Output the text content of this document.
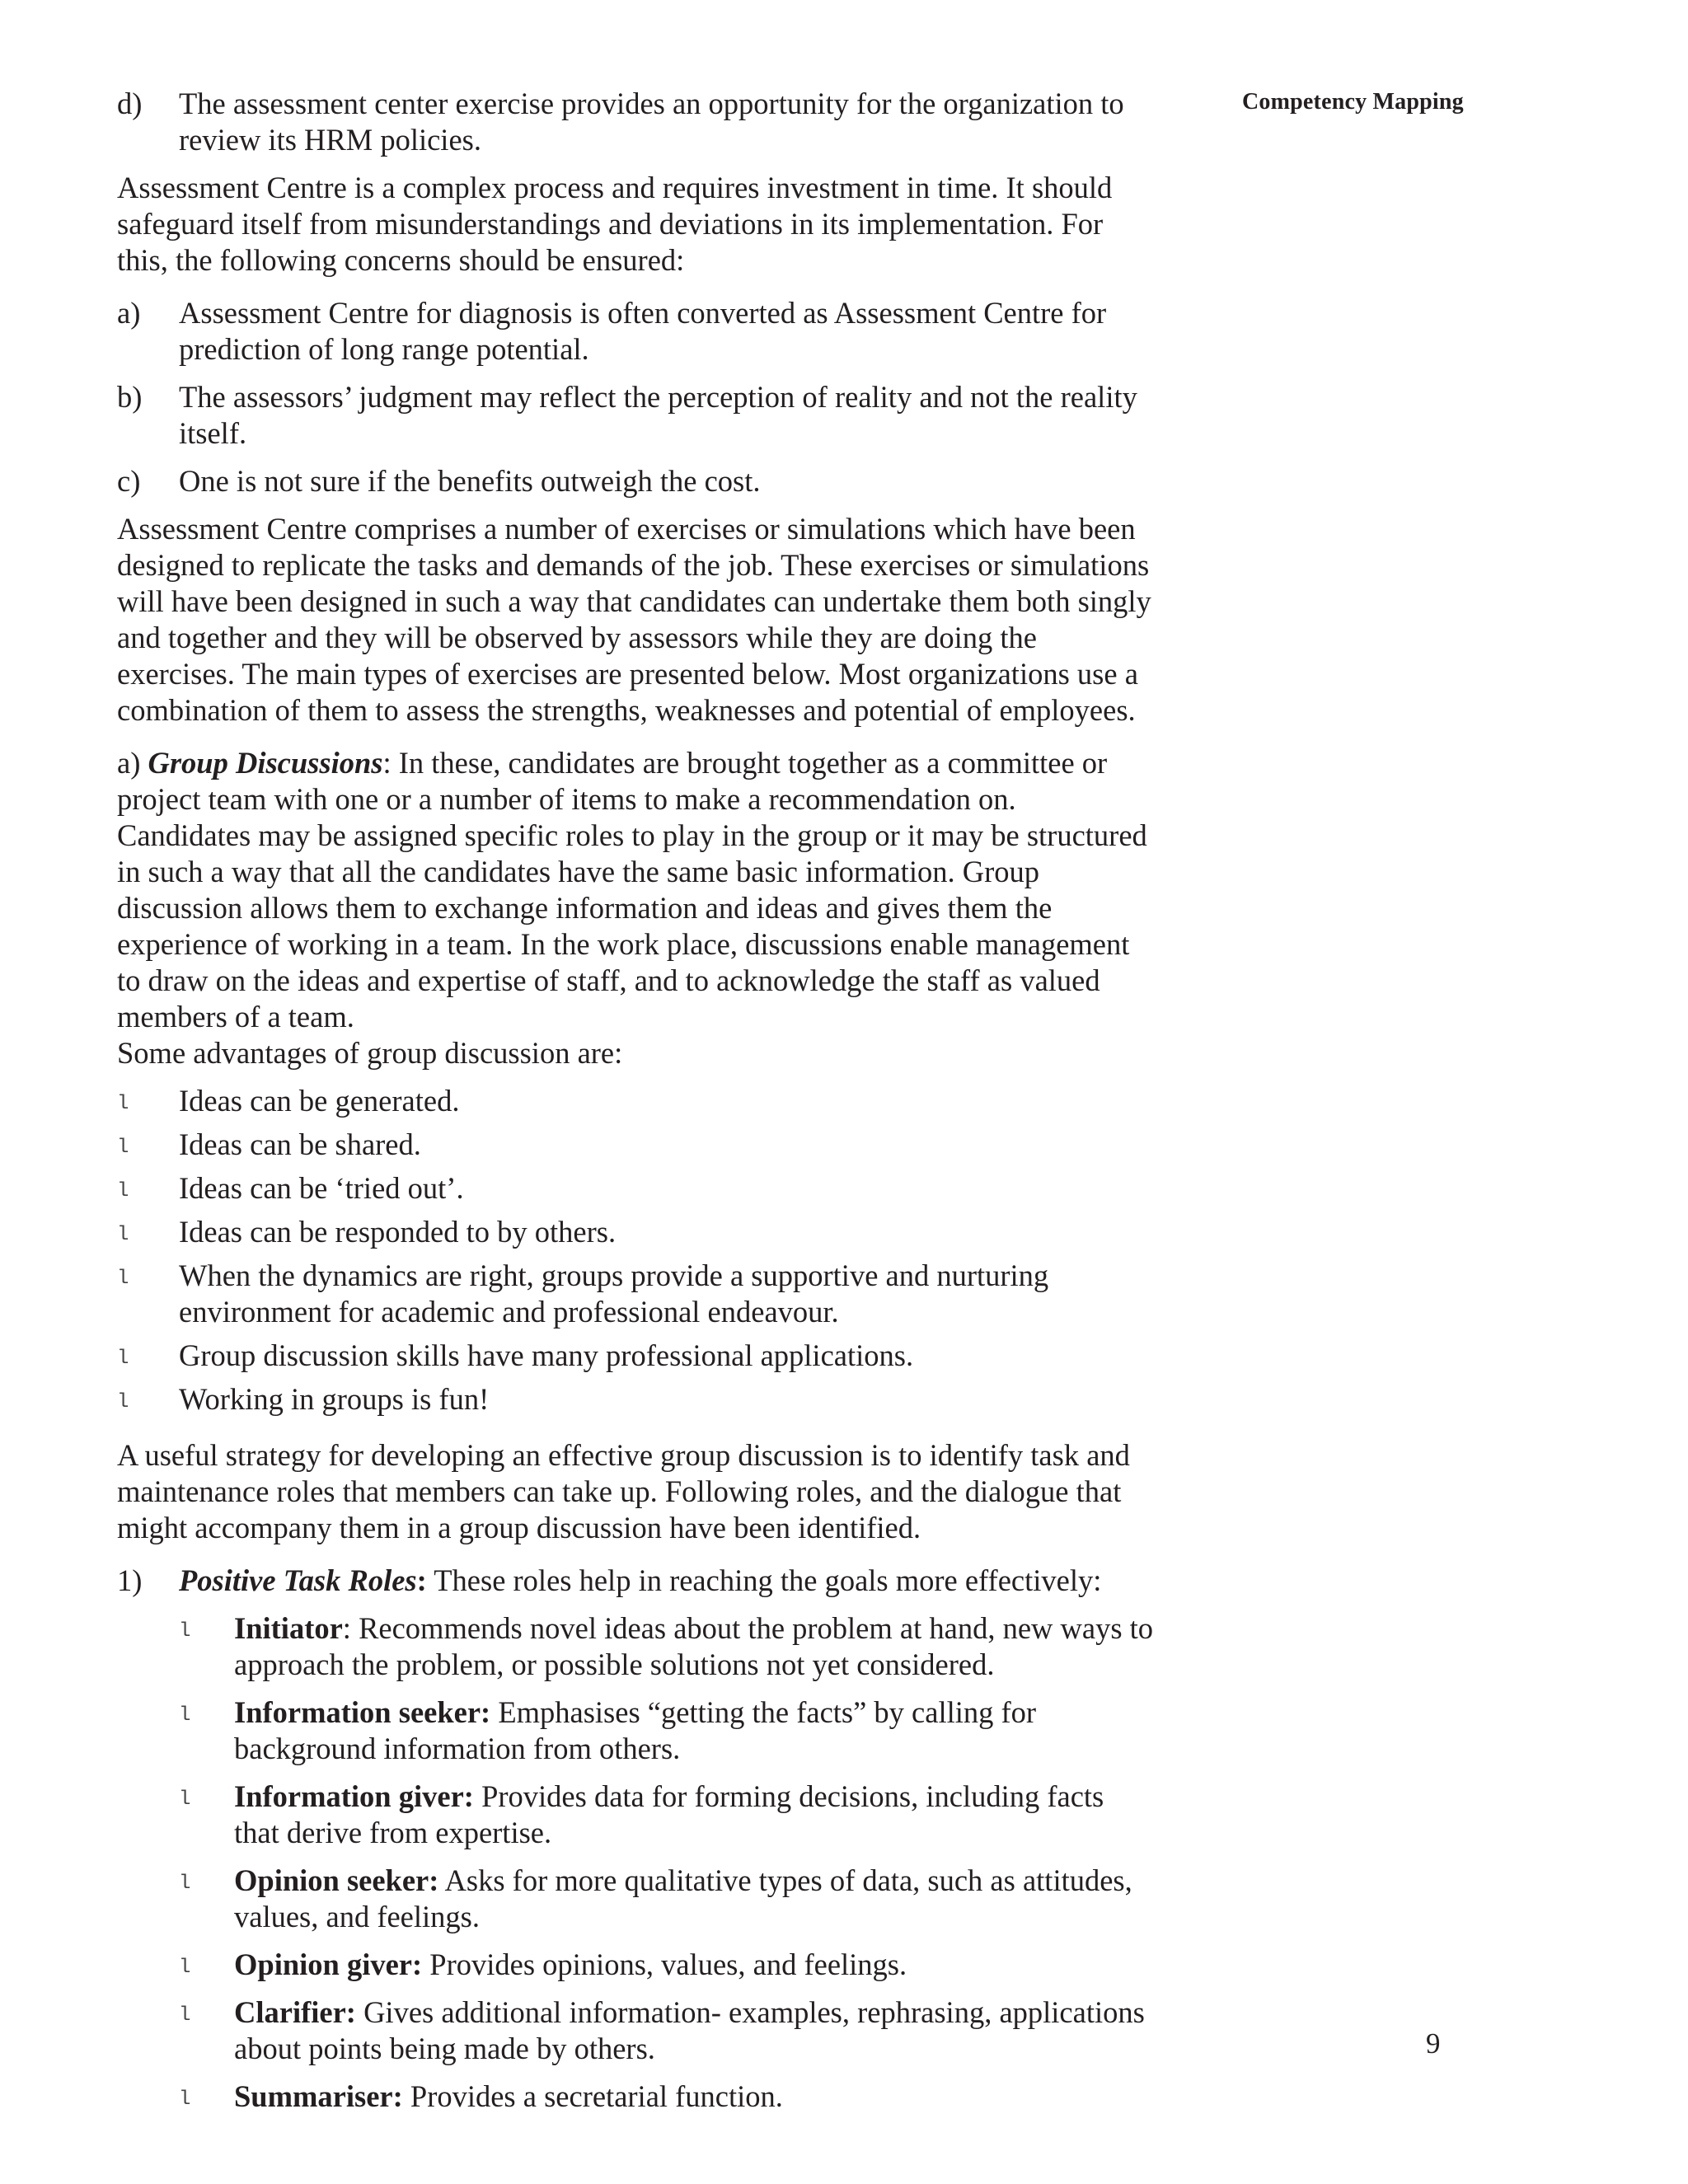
Competency Mapping
d) The assessment center exercise provides an opportunity for the organization to review its HRM policies.

Assessment Centre is a complex process and requires investment in time. It should safeguard itself from misunderstandings and deviations in its implementation. For this, the following concerns should be ensured:

a) Assessment Centre for diagnosis is often converted as Assessment Centre for prediction of long range potential.
b) The assessors’ judgment may reflect the perception of reality and not the reality itself.
c) One is not sure if the benefits outweigh the cost.

Assessment Centre comprises a number of exercises or simulations which have been designed to replicate the tasks and demands of the job. These exercises or simulations will have been designed in such a way that candidates can undertake them both singly and together and they will be observed by assessors while they are doing the exercises. The main types of exercises are presented below. Most organizations use a combination of them to assess the strengths, weaknesses and potential of employees.

a) Group Discussions: In these, candidates are brought together as a committee or project team with one or a number of items to make a recommendation on. Candidates may be assigned specific roles to play in the group or it may be structured in such a way that all the candidates have the same basic information. Group discussion allows them to exchange information and ideas and gives them the experience of working in a team. In the work place, discussions enable management to draw on the ideas and expertise of staff, and to acknowledge the staff as valued members of a team.

Some advantages of group discussion are:

l Ideas can be generated.
l Ideas can be shared.
l Ideas can be ‘tried out’.
l Ideas can be responded to by others.
l When the dynamics are right, groups provide a supportive and nurturing environment for academic and professional endeavour.
l Group discussion skills have many professional applications.
l Working in groups is fun!

A useful strategy for developing an effective group discussion is to identify task and maintenance roles that members can take up. Following roles, and the dialogue that might accompany them in a group discussion have been identified.

1) Positive Task Roles: These roles help in reaching the goals more effectively:
l Initiator: Recommends novel ideas about the problem at hand, new ways to approach the problem, or possible solutions not yet considered.
l Information seeker: Emphasises “getting the facts” by calling for background information from others.
l Information giver: Provides data for forming decisions, including facts that derive from expertise.
l Opinion seeker: Asks for more qualitative types of data, such as attitudes, values, and feelings.
l Opinion giver: Provides opinions, values, and feelings.
l Clarifier: Gives additional information- examples, rephrasing, applications about points being made by others.
l Summariser: Provides a secretarial function.
9
